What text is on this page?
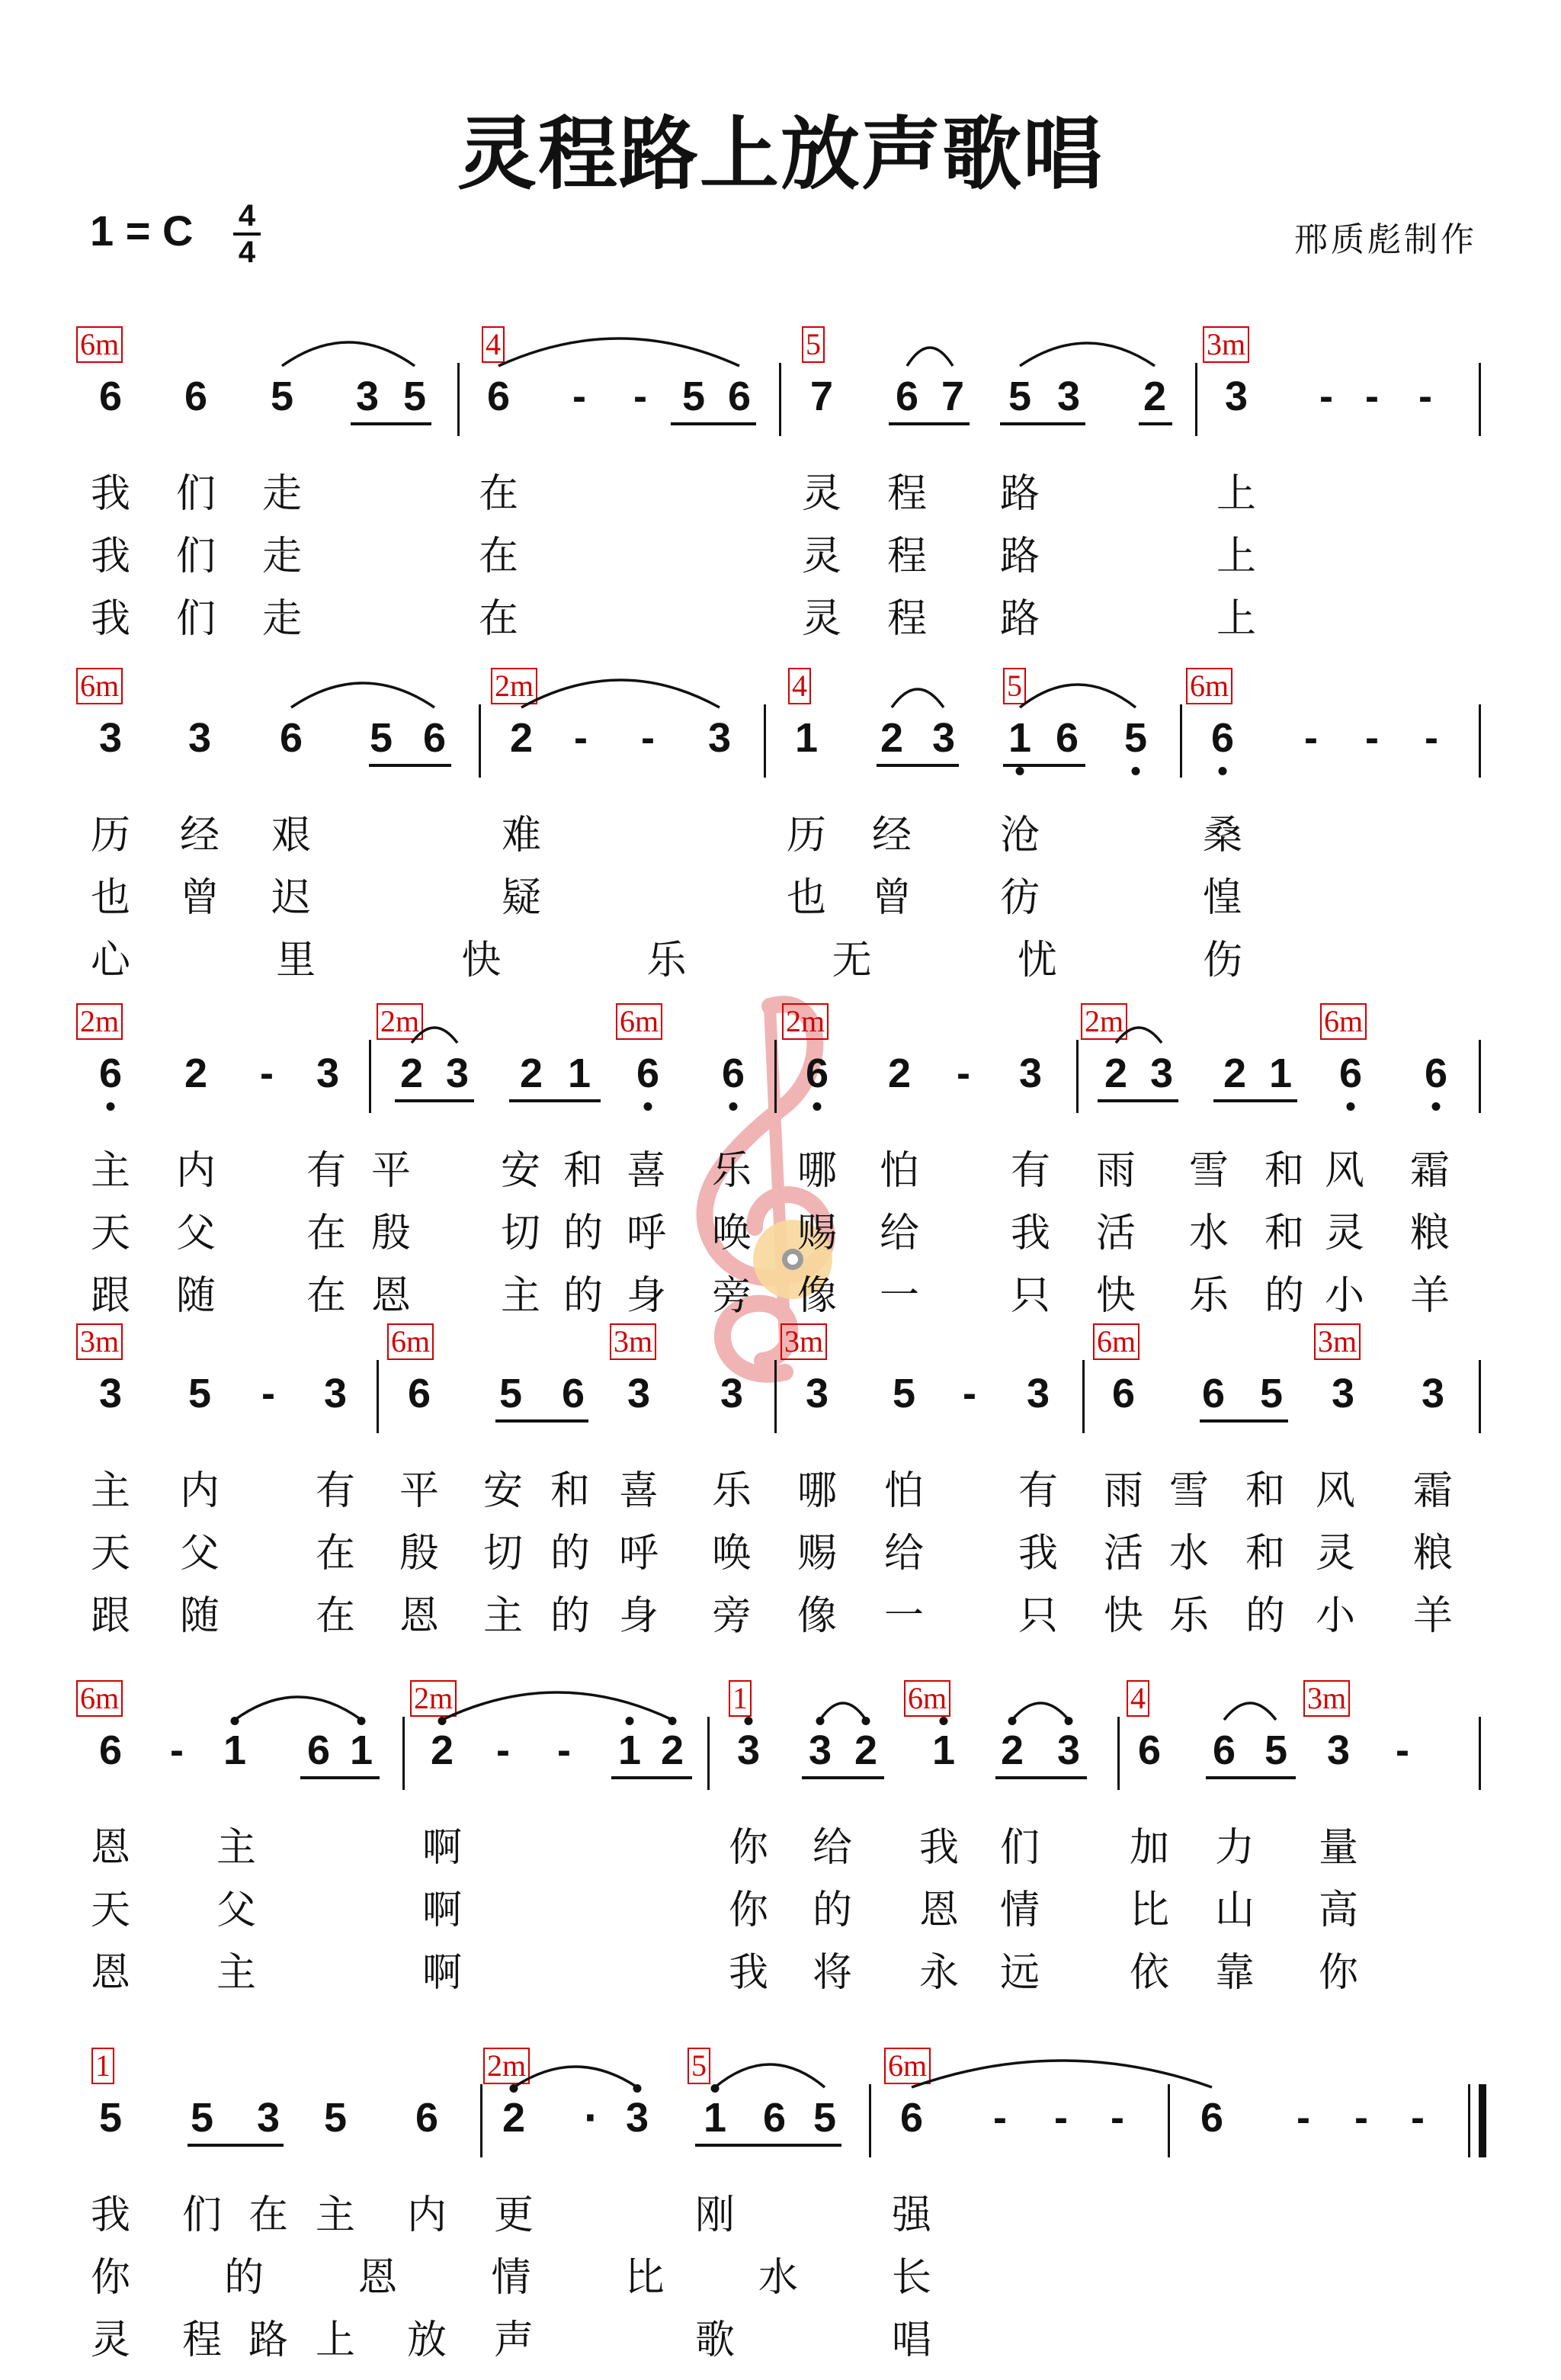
灵程路上放声歌唱
1 = C 4
4	邢质彪制作
6m	4	5	3m
6 6 5 3 5 6 - - 5 6 7 6 7 5 3 2 3 - - -
我 们 走	在	灵 程 路	上
我 们 走	在	灵 程 路	上
我 们 走	在	灵 程 路	上
6m	2m	4	5	6m
3 3 6 5 6 2 - - 3 1 2 3 1 6 5 6 - - -
历 经 艰	难	历 经 沧	桑
也 曾 迟	疑	也 曾 彷	惶
心	里	快	乐	无	忧	伤
2m	2m	6m	2m	2m	6m
6 2 - 3 2 3 2 1 6 6 6 2 - 3 2 3 2 1 6 6
主 内 有 平 安 和 喜 乐 哪 怕 有 雨 雪 和 风 霜
天 父 在 殷 切 的 呼 唤 赐 给 我 活 水 和 灵 粮
跟 随 在 恩 主 的 身 旁 像 一 只 快 乐 的 小 羊
3m	6m	3m	3m	6m	3m
3 5 - 3 6 5 6 3 3 3 5 - 3 6 6 5 3 3
主 内 有 平 安 和 喜 乐 哪 怕 有 雨 雪 和 风 霜
天 父 在 殷 切 的 呼 唤 赐 给 我 活 水 和 灵 粮
跟 随 在 恩 主 的 身 旁 像 一 只 快 乐 的 小 羊
6m	2m	1	6m	4	3m
6 - 1 6 1 2 - - 1 2 3 3 2 1 2 3 6 6 5 3 -
恩 主	啊	你 给 我 们 加 力 量
天 父	啊	你 的 恩 情 比 山 高
恩 主	啊	我 将 永 远 依 靠 你
1	2m	5	6m
5 5 3 5 6 2 · 3 1 6 5 6 - - - 6 - - -
我 们 在 主 内 更	刚	强
你 的 恩 情 比 水 长
灵 程 路 上 放 声	歌	唱
